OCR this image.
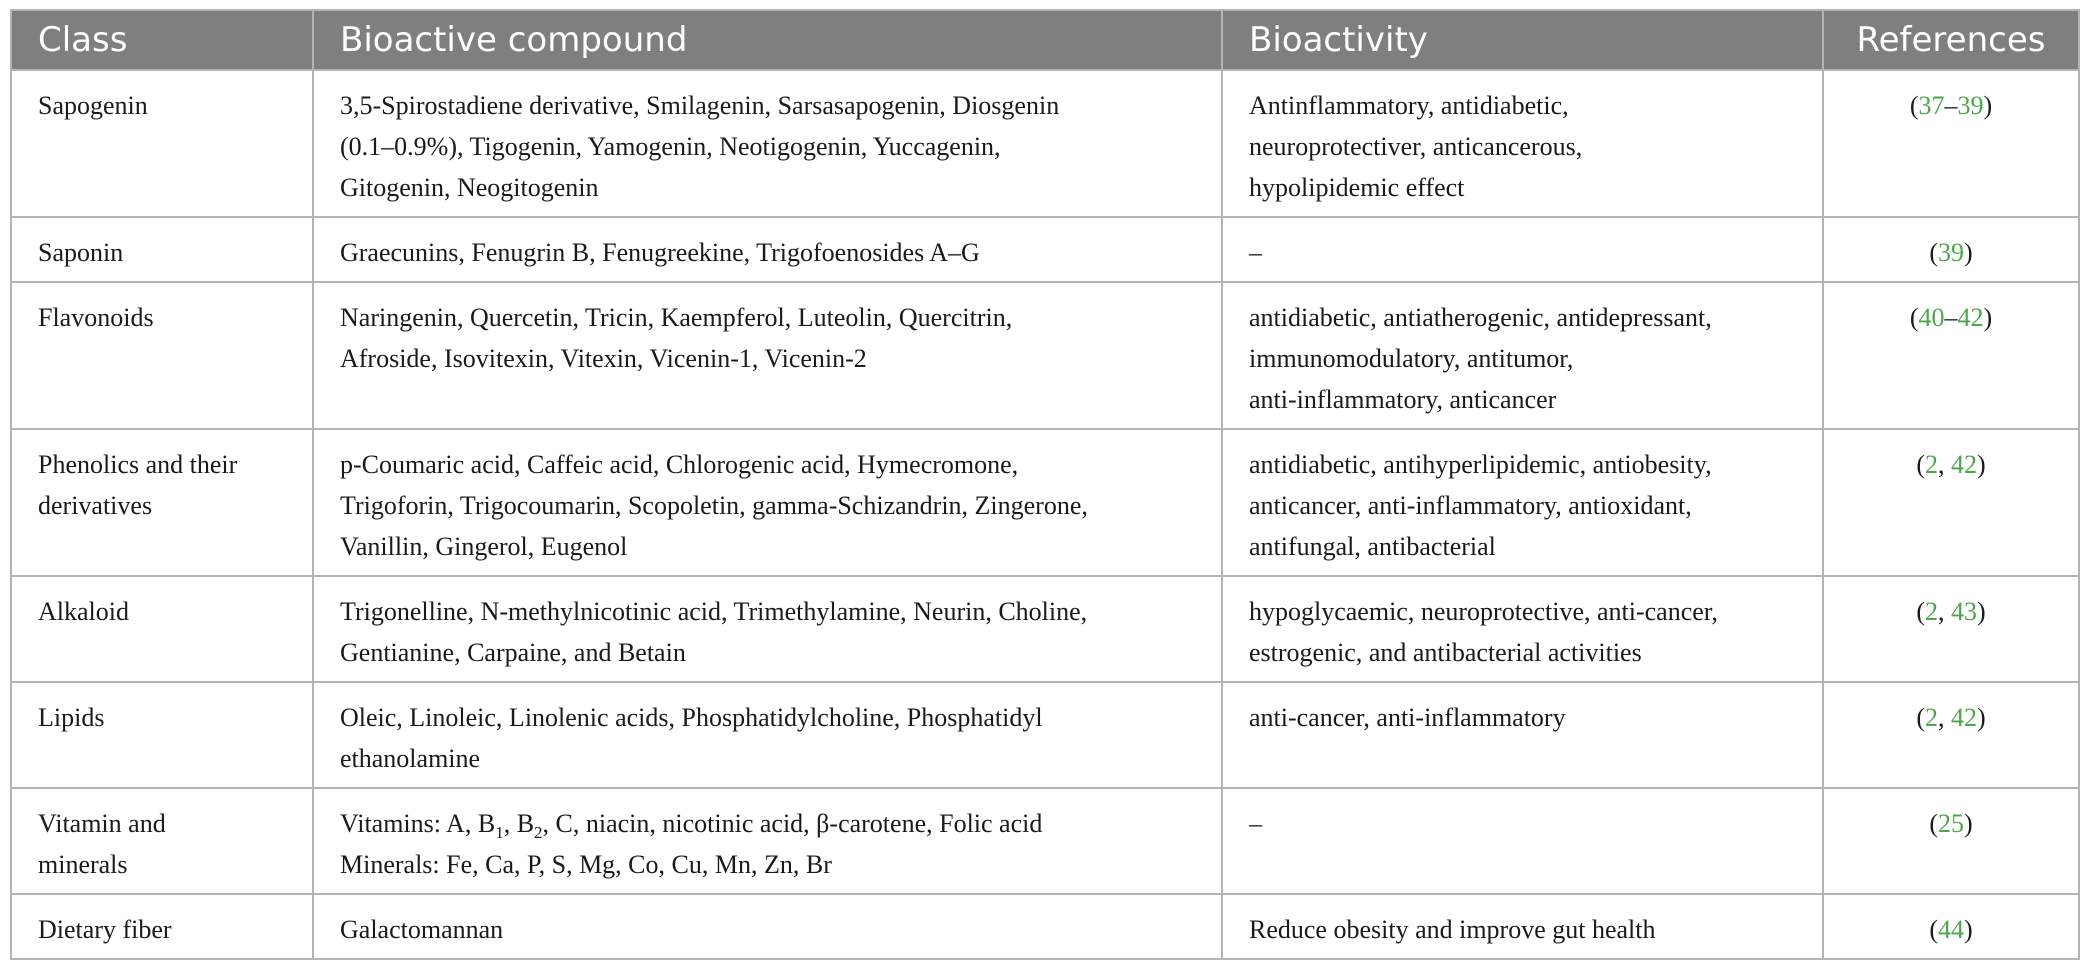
Class	Bioactive compound	Bioactivity	References

Sapogenin	3,5-Spirostadiene derivative, Smilagenin, Sarsasapogenin, Diosgenin
(0.1–0.9%), Tigogenin, Yamogenin, Neotigogenin, Yuccagenin,
Gitogenin, Neogitogenin	Antinflammatory, antidiabetic,
neuroprotectiver, anticancerous,
hypolipidemic effect	(37–39)

Saponin	Graecunins, Fenugrin B, Fenugreekine, Trigofoenosides A–G	–	(39)

Flavonoids	Naringenin, Quercetin, Tricin, Kaempferol, Luteolin, Quercitrin,
Afroside, Isovitexin, Vitexin, Vicenin-1, Vicenin-2	antidiabetic, antiatherogenic, antidepressant,
immunomodulatory, antitumor,
anti-inflammatory, anticancer	(40–42)

Phenolics and their
derivatives	p-Coumaric acid, Caffeic acid, Chlorogenic acid, Hymecromone,
Trigoforin, Trigocoumarin, Scopoletin, gamma-Schizandrin, Zingerone,
Vanillin, Gingerol, Eugenol	antidiabetic, antihyperlipidemic, antiobesity,
anticancer, anti-inflammatory, antioxidant,
antifungal, antibacterial	(2, 42)

Alkaloid	Trigonelline, N-methylnicotinic acid, Trimethylamine, Neurin, Choline,
Gentianine, Carpaine, and Betain	hypoglycaemic, neuroprotective, anti-cancer,
estrogenic, and antibacterial activities	(2, 43)

Lipids	Oleic, Linoleic, Linolenic acids, Phosphatidylcholine, Phosphatidyl
ethanolamine	anti-cancer, anti-inflammatory	(2, 42)

Vitamin and
minerals	Vitamins: A, $B_1$, $B_2$, C, niacin, nicotinic acid, β-carotene, Folic acid
Minerals: Fe, Ca, P, S, Mg, Co, Cu, Mn, Zn, Br	–	(25)

Dietary fiber	Galactomannan	Reduce obesity and improve gut health	(44)
